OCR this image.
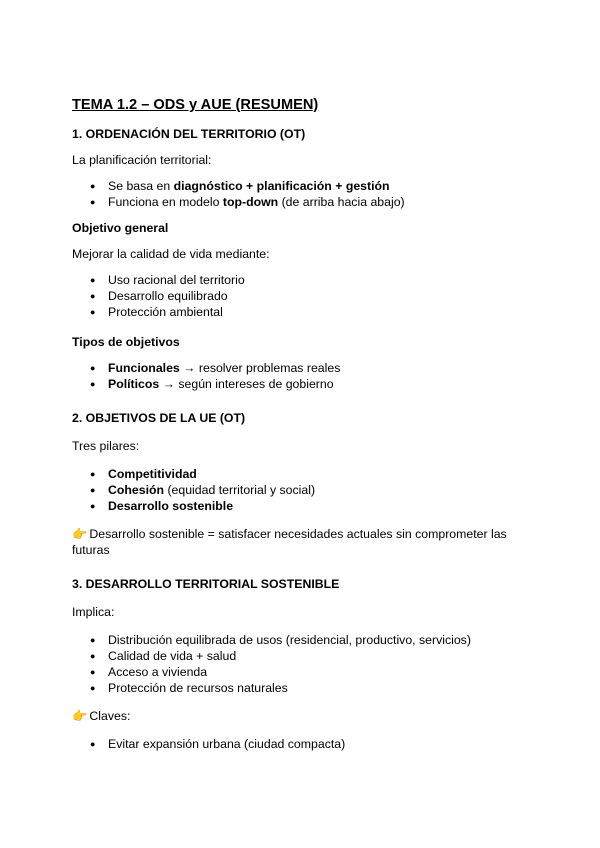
TEMA 1.2 – ODS y AUE (RESUMEN)
1. ORDENACIÓN DEL TERRITORIO (OT)
La planificación territorial:
● Se basa en diagnóstico + planificación + gestión
● Funciona en modelo top-down (de arriba hacia abajo)
Objetivo general
Mejorar la calidad de vida mediante:
● Uso racional del territorio
● Desarrollo equilibrado
● Protección ambiental
Tipos de objetivos
● Funcionales → resolver problemas reales
● Políticos → según intereses de gobierno
2. OBJETIVOS DE LA UE (OT)
Tres pilares:
● Competitividad
● Cohesión (equidad territorial y social)
● Desarrollo sostenible
👉 Desarrollo sostenible = satisfacer necesidades actuales sin comprometer las
futuras
3. DESARROLLO TERRITORIAL SOSTENIBLE
Implica:
● Distribución equilibrada de usos (residencial, productivo, servicios)
● Calidad de vida + salud
● Acceso a vivienda
● Protección de recursos naturales
👉 Claves:
● Evitar expansión urbana (ciudad compacta)
